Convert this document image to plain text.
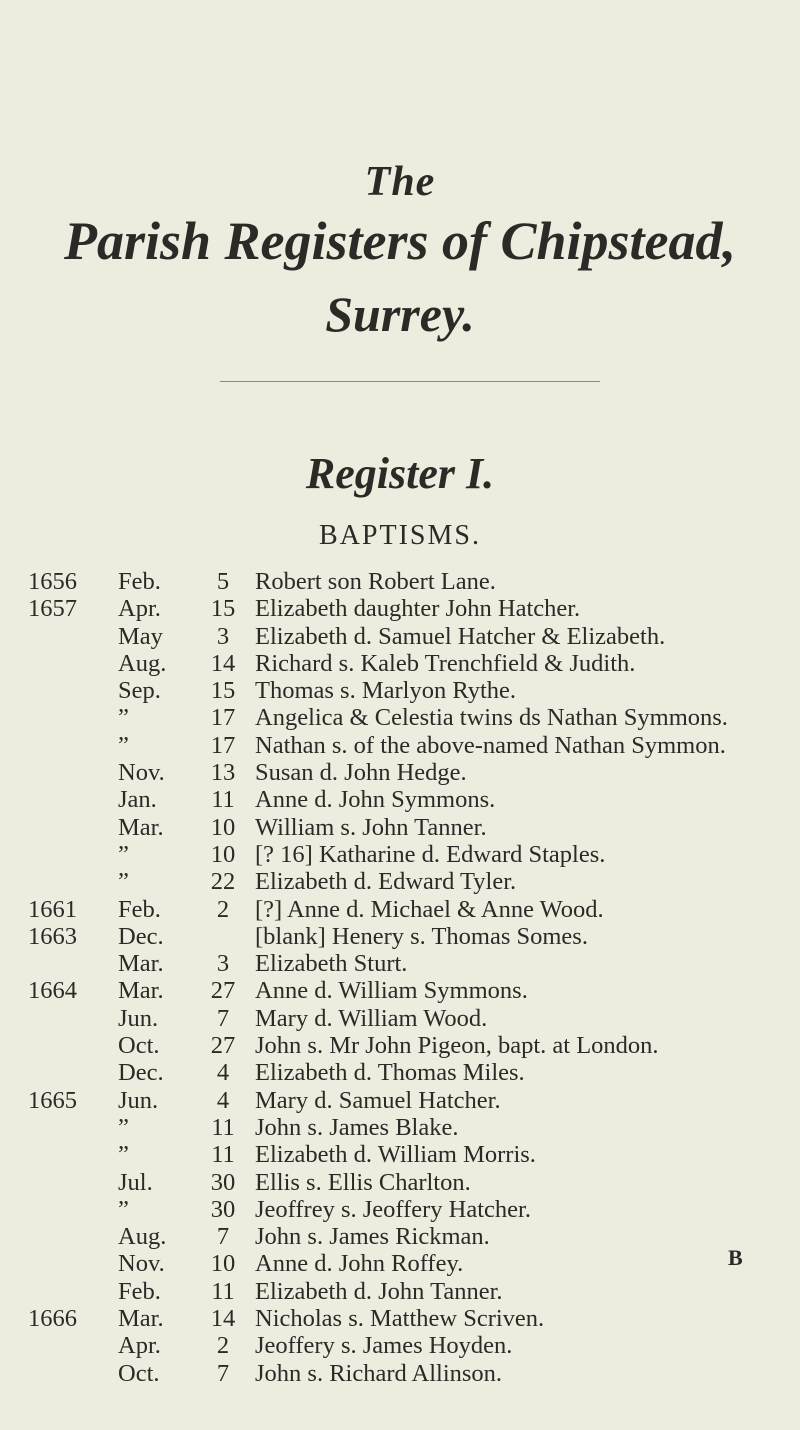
The
Parish Registers of Chipstead,
Surrey.
Register I.
BAPTISMS.
1656 Feb.	5	Robert son Robert Lane.
1657 Apr.	15 Elizabeth daughter John Hatcher.
May	3	Elizabeth d. Samuel Hatcher & Elizabeth.
Aug.	14 Richard s. Kaleb Trenchfield & Judith.
Sep.	15 Thomas s. Marlyon Rythe.
”	17 Angelica & Celestia twins ds Nathan Symmons.
”	17 Nathan s. of the above-named Nathan Symmon.
Nov.	13 Susan d. John Hedge.
Jan.	11 Anne d. John Symmons.
Mar.	10 William s. John Tanner.
”	10 [? 16] Katharine d. Edward Staples.
”	22 Elizabeth d. Edward Tyler.
1661 Feb.	2	[?] Anne d. Michael & Anne Wood.
1663 Dec.	[blank] Henery s. Thomas Somes.
Mar.	3	Elizabeth Sturt.
1664 Mar.	27 Anne d. William Symmons.
Jun.	7	Mary d. William Wood.
Oct.	27 John s. Mr John Pigeon, bapt. at London.
Dec.	4	Elizabeth d. Thomas Miles.
1665 Jun.	4	Mary d. Samuel Hatcher.
”	11 John s. James Blake.
”	11 Elizabeth d. William Morris.
Jul.	30 Ellis s. Ellis Charlton.
”	30 Jeoffrey s. Jeoffery Hatcher.
Aug.	7	John s. James Rickman.
Nov.	10 Anne d. John Roffey.
Feb.	11 Elizabeth d. John Tanner.
1666 Mar.	14 Nicholas s. Matthew Scriven.
Apr.	2	Jeoffery s. James Hoyden.
Oct.	7	John s. Richard Allinson.
B
